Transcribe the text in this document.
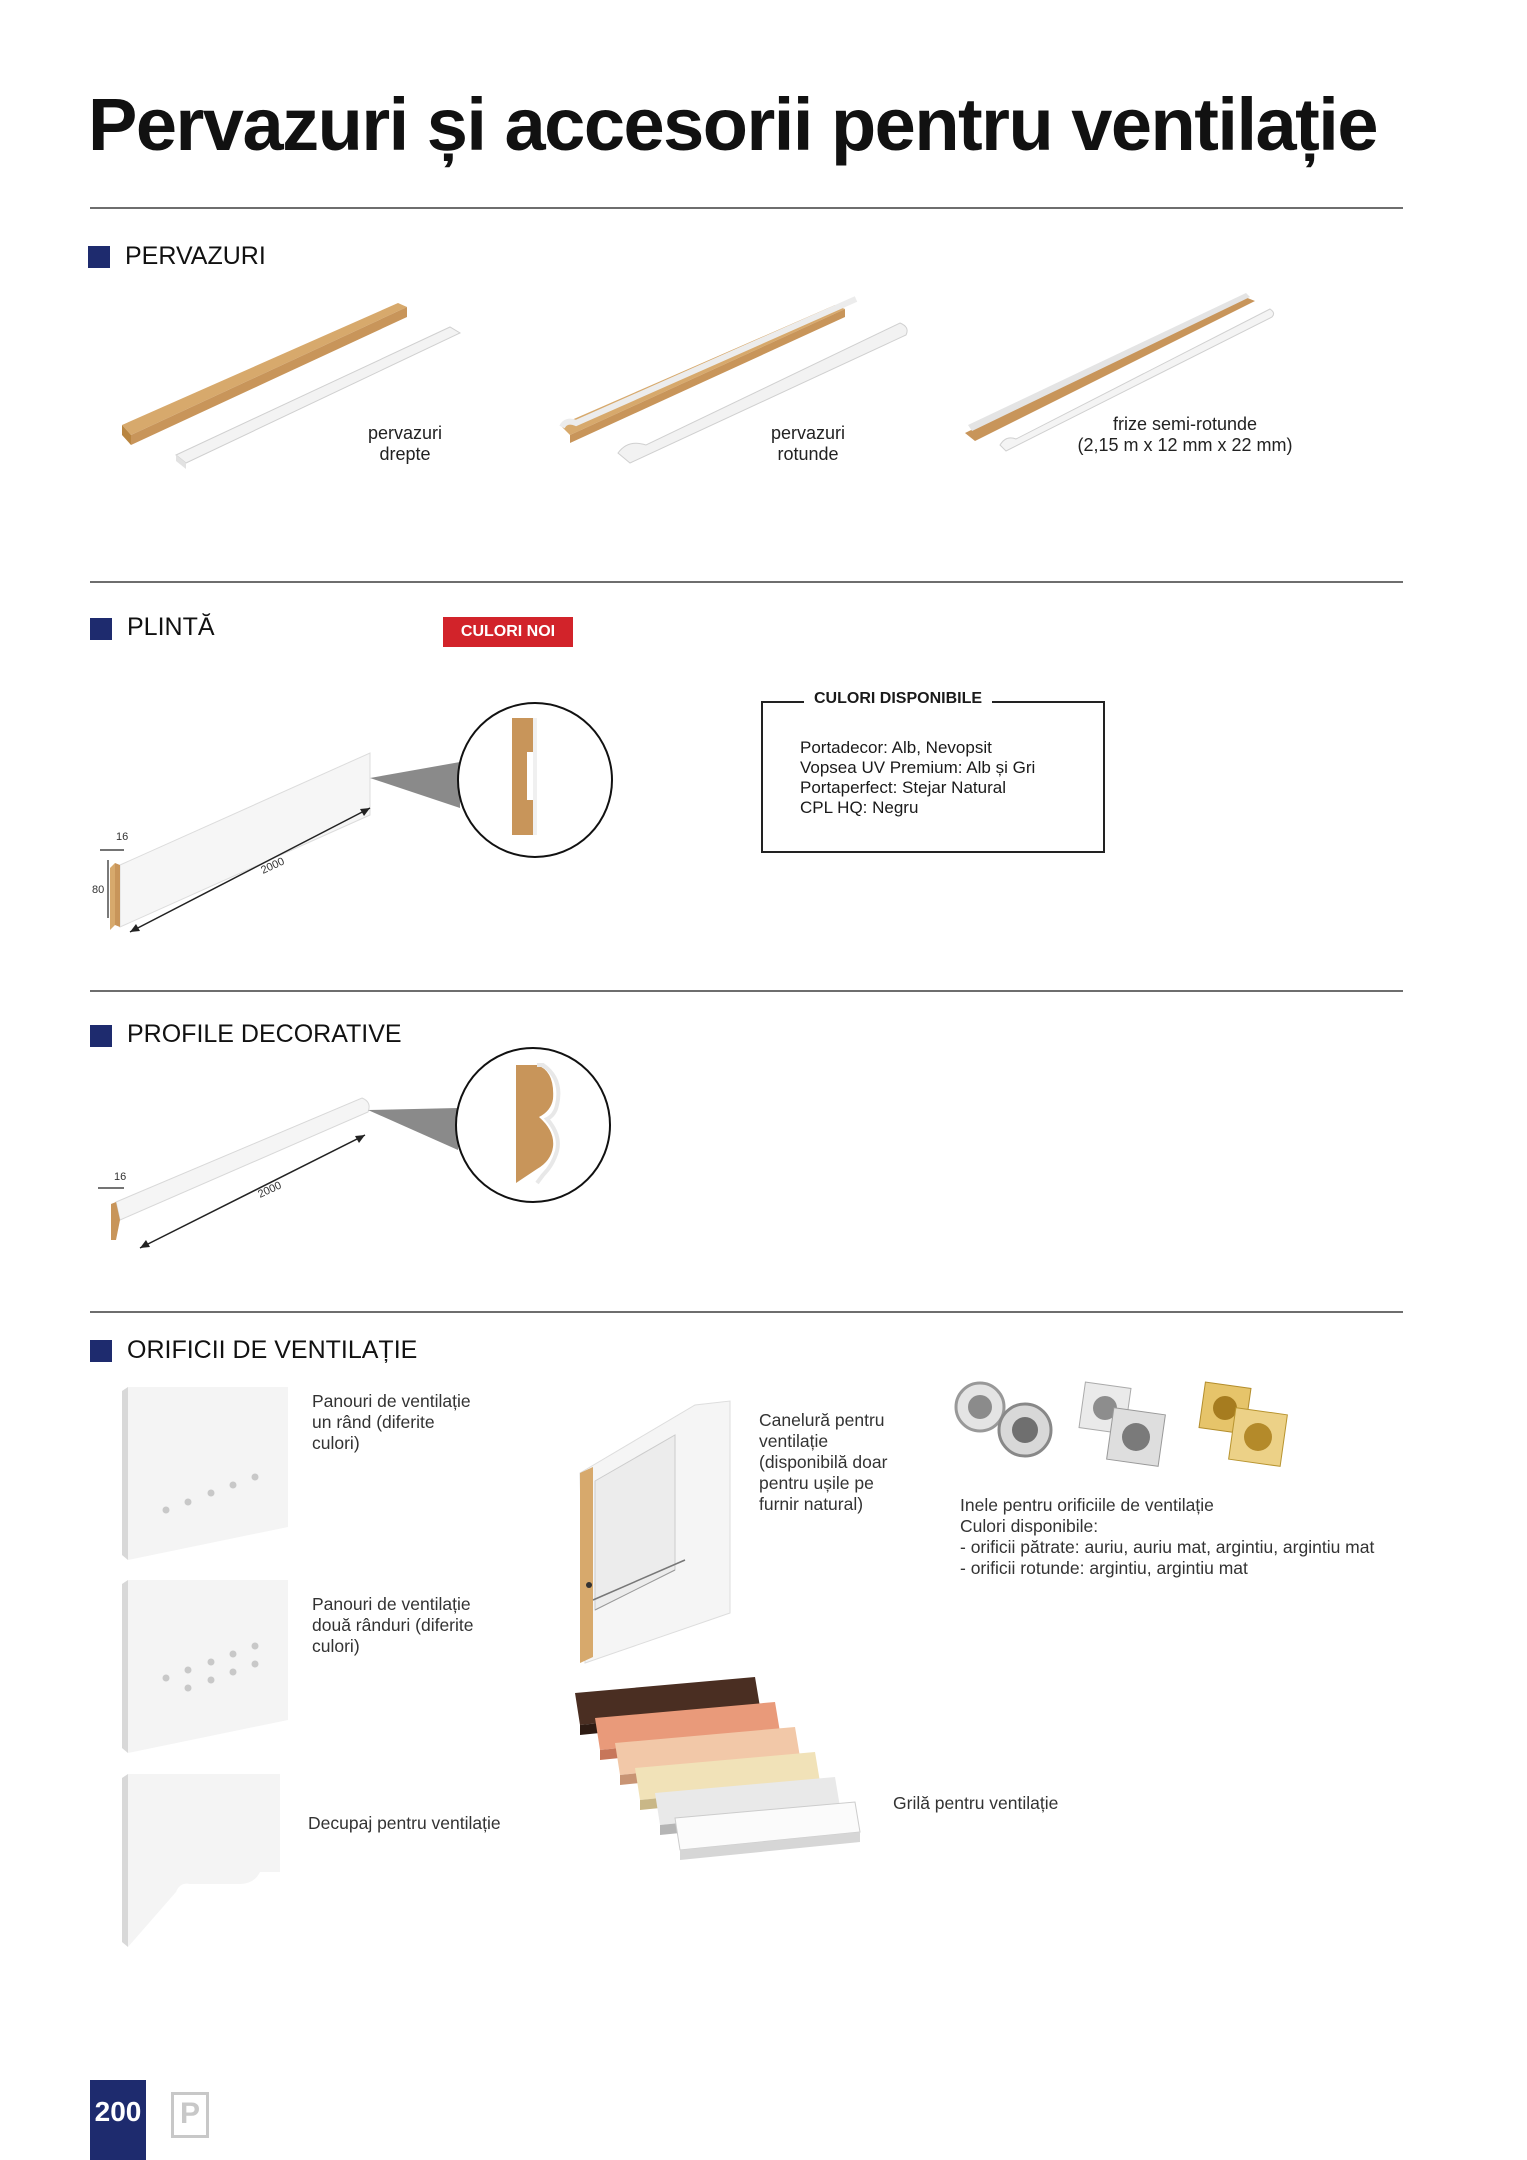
Pervazuri și accesorii pentru ventilație
PERVAZURI
pervazuri
drepte
pervazuri
rotunde
frize semi-rotunde
(2,15 m x 12 mm x 22 mm)
PLINTĂ	CULORI NOI
2000
16
80
CULORI DISPONIBILE
Portadecor: Alb, Nevopsit
Vopsea UV Premium: Alb și Gri
Portaperfect: Stejar Natural
CPL HQ: Negru
PROFILE DECORATIVE
2000
16
ORIFICII DE VENTILAȚIE
Panouri de ventilație
un rând (diferite
culori)
Panouri de ventilație
două rânduri (diferite
culori)
Decupaj pentru ventilație
Canelură pentru
ventilație
(disponibilă doar
pentru ușile pe
furnir natural)	Inele pentru orificiile de ventilație
Culori disponibile:
- orificii pătrate: auriu, auriu mat, argintiu, argintiu mat
- orificii rotunde: argintiu, argintiu mat
Grilă pentru ventilație
200 P
